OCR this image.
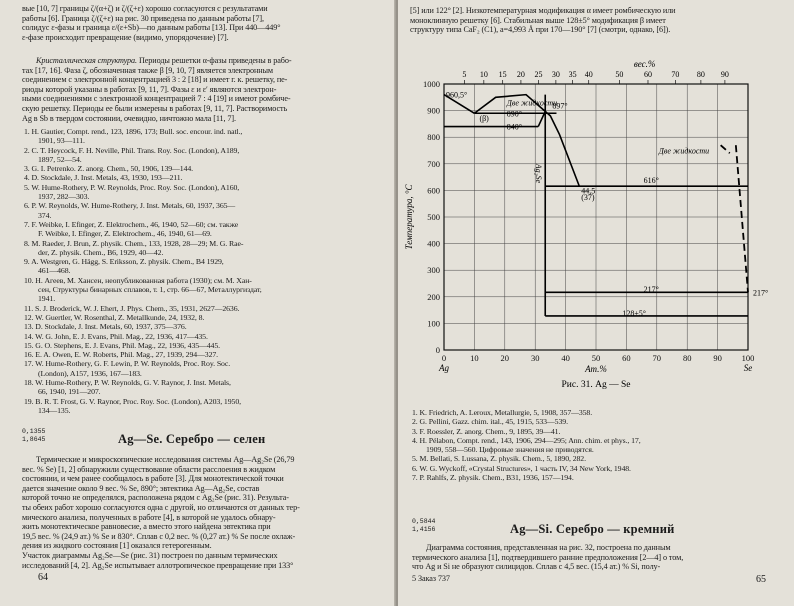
вые [10, 7] границы ζ/(α+ζ) и ζ/(ζ+ε) хорошо согласуются с результатами
работы [6]. Граница ζ/(ζ+ε) на рис. 30 приведена по данным работы [7],
солидус ε-фазы и граница ε/(ε+Sb)—по данным работы [13]. При 440—449°
ε-фазе происходит превращение (видимо, упорядочение) [7].
Кристаллическая структура. Периоды решетки α-фазы приведены в рабо-
тах [17, 16]. Фаза ζ, обозначенная также β [9, 10, 7] является электронным
соединением с электронной концентрацией 3 : 2 [18] и имеет г. к. решетку, пе-
риоды которой указаны в работах [9, 11, 7]. Фазы ε и ε′ являются электрон-
ными соединениями с электронной концентрацией 7 : 4 [19] и имеют ромбиче-
скую решетку. Периоды ее были измерены в работах [9, 11, 7]. Растворимость
Ag в Sb в твердом состоянии, очевидно, ничтожно мала [11, 7].
1. H. Gautier, Compt. rend., 123, 1896, 173; Bull. soc. encour. ind. natl.,
1901, 93—111.
2. C. T. Heycock, F. H. Neville, Phil. Trans. Roy. Soc. (London), A189,
1897, 52—54.
3. G. I. Petrenko. Z. anorg. Chem., 50, 1906, 139—144.
4. D. Stockdale, J. Inst. Metals, 43, 1930, 193—211.
5. W. Hume-Rothery, P. W. Reynolds, Proc. Roy. Soc. (London), A160,
1937, 282—303.
6. P. W. Reynolds, W. Hume-Rothery, J. Inst. Metals, 60, 1937, 365—
374.
7. F. Weibke, I. Efinger, Z. Elektrochem., 46, 1940, 52—60; см. также
F. Weibke, I. Efinger, Z. Elektrochem., 46, 1940, 61—69.
8. M. Raeder, J. Brun, Z. physik. Chem., 133, 1928, 28—29; M. G. Rae-
der, Z. physik. Chem., B6, 1929, 40—42.
9. A. Westgren, G. Hägg, S. Eriksson, Z. physik. Chem., B4 1929,
461—468.
10. Н. Агеев, М. Хансен, неопубликованная работа (1930); см. М. Хан-
сен, Структуры бинарных сплавов, т. 1, стр. 66—67, Металлургиздат,
1941.
11. S. J. Broderick, W. J. Ehert, J. Phys. Chem., 35, 1931, 2627—2636.
12. W. Guertler, W. Rosenthal, Z. Metallkunde, 24, 1932, 8.
13. D. Stockdale, J. Inst. Metals, 60, 1937, 375—376.
14. W. G. John, E. J. Evans, Phil. Mag., 22, 1936, 417—435.
15. G. O. Stephens, E. J. Evans, Phil. Mag., 22, 1936, 435—445.
16. E. A. Owen, E. W. Roberts, Phil. Mag., 27, 1939, 294—327.
17. W. Hume-Rothery, G. F. Lewin, P. W. Reynolds, Proc. Roy. Soc.
(London), A157, 1936, 167—183.
18. W. Hume-Rothery, P. W. Reynolds, G. V. Raynor, J. Inst. Metals,
66, 1940, 191—207.
19. B. R. T. Frost, G. V. Raynor, Proc. Roy. Soc. (London), A203, 1950,
134—135.
0,1355
1,8645	Ag—Se. Серебро — селен
Термические и микроскопические исследования системы Ag—Ag₂Se (26,79
вес. % Se) [1, 2] обнаружили существование области расслоения в жидком
состоянии, и чем ранее сообщалось в работе [3]. Для монотектической точки
дается значение около 9 вес. % Se, 890°; эвтектика Ag—Ag₂Se, состав
которой точно не определялся, расположена рядом с Ag₂Se (рис. 31). Результа-
ты обеих работ хорошо согласуются одна с другой, но отличаются от данных тер-
мического анализа, полученных в работе [4], в которой не удалось обнару-
жить монотектическое равновесие, а вместо этого найдена эвтектика при
19,5 вес. % (24,9 ат.) % Se и 830°. Сплав с 0,2 вес. % (0,27 ат.) % Se после охлаж-
дения из жидкого состояния [1] оказался гетерогенным.
Участок диаграммы Ag₂Se—Se (рис. 31) построен по данным термических
исследований [4, 2]. Ag₂Se испытывает аллотропическое превращение при 133°
64
[5] или 122° [2]. Низкотемпературная модификация α имеет ромбическую или
моноклинную решетку [6]. Стабильная выше 128±5° модификация β имеет
структуру типа CaF₂ (C1), a=4,993 Å при 170—190° [7] (смотри, однако, [6]).
0
100
200
300
400
500
600
700
800
900
1000
0	10	20	30	40	50	60	70	80	90 100
Ag	Se
Ат.%
5 10 15 20 25 30 35 40	50	60 70 80 90
вес.%
Температура, °C
960,5°
Две жидкости
890°
897°
840°
Две жидкости
616°
44,5
(37)
217°	217°
128±5°
Ag₂Se
(β)
Рис. 31. Ag — Se
1. K. Friedrich, A. Leroux, Metallurgie, 5, 1908, 357—358.
2. G. Pellini, Gazz. chim. ital., 45, 1915, 533—539.
3. F. Roessler, Z. anorg. Chem., 9, 1895, 39—41.
4. H. Pélabon, Compt. rend., 143, 1906, 294—295; Ann. chim. et phys., 17,
1909, 558—560. Цифровые значения не приводятся.
5. M. Bellati, S. Lussana, Z. physik. Chem., 5, 1890, 282.
6. W. G. Wyckoff, «Crystal Structures», 1 часть IV, 34 New York, 1948.
7. P. Rahlfs, Z. physik. Chem., B31, 1936, 157—194.
0,5844
1,4156	Ag—Si. Серебро — кремний
Диаграмма состояния, представленная на рис. 32, построена по данным
термического анализа [1], подтвердившего ранние предположения [2—4] о том,
что Ag и Si не образуют силицидов. Сплав с 4,5 вес. (15,4 ат.) % Si, полу-
5 Заказ 737	65
